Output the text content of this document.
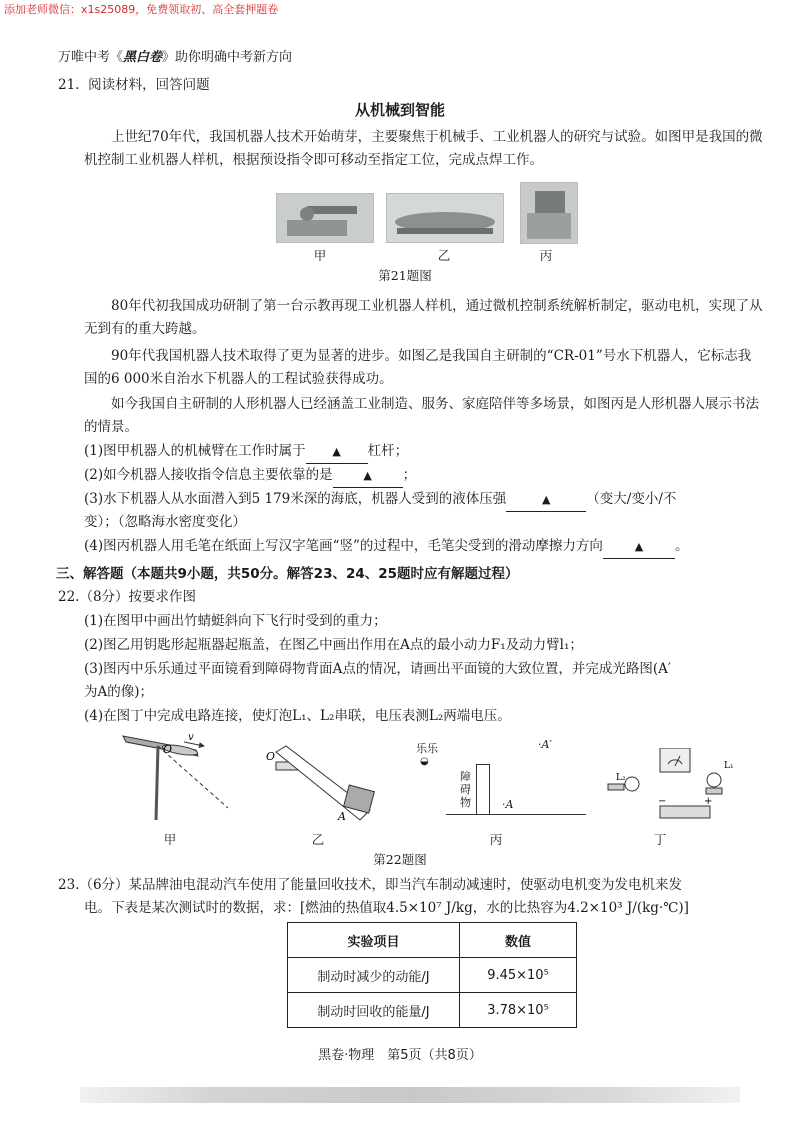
添加老师微信：x1s25089，免费领取初、高全套押题卷
万唯中考《黑白卷》助你明确中考新方向
21. 阅读材料，回答问题
从机械到智能
上世纪70年代，我国机器人技术开始萌芽，主要聚焦于机械手、工业机器人的研究与试验。如图甲是我国的微机控制工业机器人样机，根据预设指令即可移动至指定工位，完成点焊工作。
甲	乙	丙
第21题图
80年代初我国成功研制了第一台示教再现工业机器人样机，通过微机控制系统解析制定，驱动电机，实现了从无到有的重大跨越。
90年代我国机器人技术取得了更为显著的进步。如图乙是我国自主研制的“CR-01”号水下机器人，它标志我国的6 000米自治水下机器人的工程试验获得成功。
如今我国自主研制的人形机器人已经涵盖工业制造、服务、家庭陪伴等多场景，如图丙是人形机器人展示书法的情景。
(1)图甲机器人的机械臂在工作时属于 ▲ 杠杆；
(2)如今机器人接收指令信息主要依靠的是	▲ ；
(3)水下机器人从水面潜入到5 179米深的海底，机器人受到的液体压强	▲	（变大/变小/不
变）；（忽略海水密度变化）
(4)图丙机器人用毛笔在纸面上写汉字笔画“竖”的过程中，毛笔尖受到的滑动摩擦力方向	▲ 。
三、解答题（本题共9小题，共50分。解答23、24、25题时应有解题过程）
22.（8分）按要求作图
(1)在图甲中画出竹蜻蜓斜向下飞行时受到的重力；
(2)图乙用钥匙形起瓶器起瓶盖，在图乙中画出作用在A点的最小动力F₁及动力臂l₁；
(3)图丙中乐乐通过平面镜看到障碍物背面A点的情况，请画出平面镜的大致位置，并完成光路图(A′
为A的像)；
(4)在图丁中完成电路连接，使灯泡L₁、L₂串联，电压表测L₂两端电压。
O
v
O
A
乐乐
◒
·A′
障
碍
物	·A
L₂
L₁
−	+
甲	乙	丙	丁
第22题图
23.（6分）某品牌油电混动汽车使用了能量回收技术，即当汽车制动减速时，使驱动电机变为发电机来发
电。下表是某次测试时的数据，求：[燃油的热值取4.5×10⁷ J/kg，水的比热容为4.2×10³ J/(kg·℃)]
实验项目	数值
制动时减少的动能/J	9.45×10⁵
制动时回收的能量/J	3.78×10⁵
黑卷·物理　第5页（共8页）
